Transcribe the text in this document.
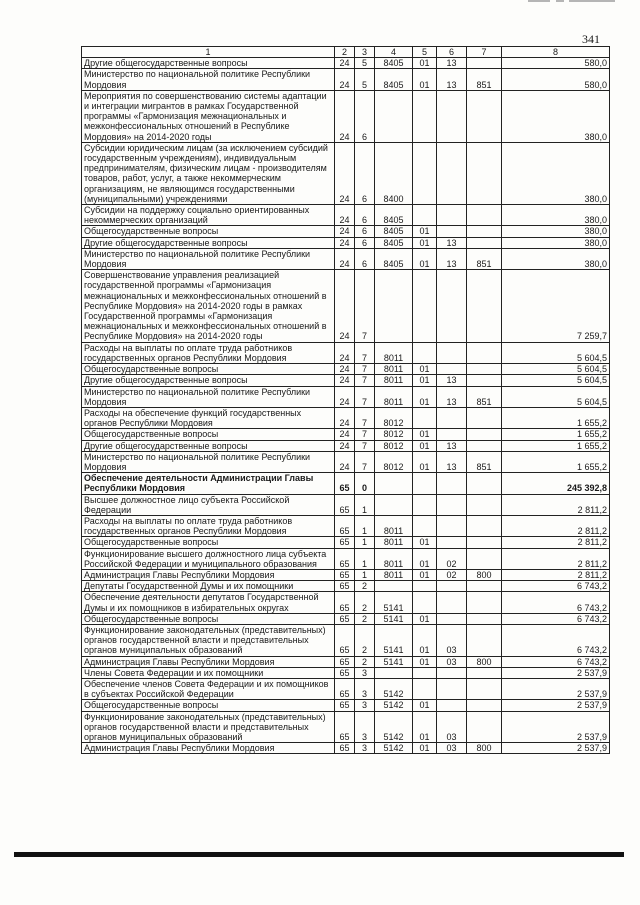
341
1	2	3	4	5	6	7	8
Другие общегосударственные вопросы	24	5	8405	01	13		580,0
Министерство по национальной политике Республики Мордовия	24	5	8405	01	13	851	580,0
Мероприятия по совершенствованию системы адаптации и интеграции мигрантов в рамках Государственной программы «Гармонизация межнациональных и межконфессиональных отношений в Республике Мордовия» на 2014-2020 годы	24	6					380,0
Субсидии юридическим лицам (за исключением субсидий государственным учреждениям), индивидуальным предпринимателям, физическим лицам - производителям товаров, работ, услуг, а также некоммерческим организациям, не являющимся государственными (муниципальными) учреждениями	24	6	8400				380,0
Субсидии на поддержку социально ориентированных некоммерческих организаций	24	6	8405				380,0
Общегосударственные вопросы	24	6	8405	01			380,0
Другие общегосударственные вопросы	24	6	8405	01	13		380,0
Министерство по национальной политике Республики Мордовия	24	6	8405	01	13	851	380,0
Совершенствование управления реализацией государственной программы «Гармонизация межнациональных и межконфессиональных отношений в Республике Мордовия» на 2014-2020 годы в рамках Государственной программы «Гармонизация межнациональных и межконфессиональных отношений в Республике Мордовия» на 2014-2020 годы	24	7					7 259,7
Расходы на выплаты по оплате труда работников государственных органов Республики Мордовия	24	7	8011				5 604,5
Общегосударственные вопросы	24	7	8011	01			5 604,5
Другие общегосударственные вопросы	24	7	8011	01	13		5 604,5
Министерство по национальной политике Республики Мордовия	24	7	8011	01	13	851	5 604,5
Расходы на обеспечение функций государственных органов Республики Мордовия	24	7	8012				1 655,2
Общегосударственные вопросы	24	7	8012	01			1 655,2
Другие общегосударственные вопросы	24	7	8012	01	13		1 655,2
Министерство по национальной политике Республики Мордовия	24	7	8012	01	13	851	1 655,2
Обеспечение деятельности Администрации Главы Республики Мордовия	65	0					245 392,8
Высшее должностное лицо субъекта Российской Федерации	65	1					2 811,2
Расходы на выплаты по оплате труда работников государственных органов Республики Мордовия	65	1	8011				2 811,2
Общегосударственные вопросы	65	1	8011	01			2 811,2
Функционирование высшего должностного лица субъекта Российской Федерации и муниципального образования	65	1	8011	01	02		2 811,2
Администрация Главы Республики Мордовия	65	1	8011	01	02	800	2 811,2
Депутаты Государственной Думы и их помощники	65	2					6 743,2
Обеспечение деятельности депутатов Государственной Думы и их помощников в избирательных округах	65	2	5141				6 743,2
Общегосударственные вопросы	65	2	5141	01			6 743,2
Функционирование законодательных (представительных) органов государственной власти и представительных органов муниципальных образований	65	2	5141	01	03		6 743,2
Администрация Главы Республики Мордовия	65	2	5141	01	03	800	6 743,2
Члены Совета Федерации и их помощники	65	3					2 537,9
Обеспечение членов Совета Федерации и их помощников в субъектах Российской Федерации	65	3	5142				2 537,9
Общегосударственные вопросы	65	3	5142	01			2 537,9
Функционирование законодательных (представительных) органов государственной власти и представительных органов муниципальных образований	65	3	5142	01	03		2 537,9
Администрация Главы Республики Мордовия	65	3	5142	01	03	800	2 537,9
